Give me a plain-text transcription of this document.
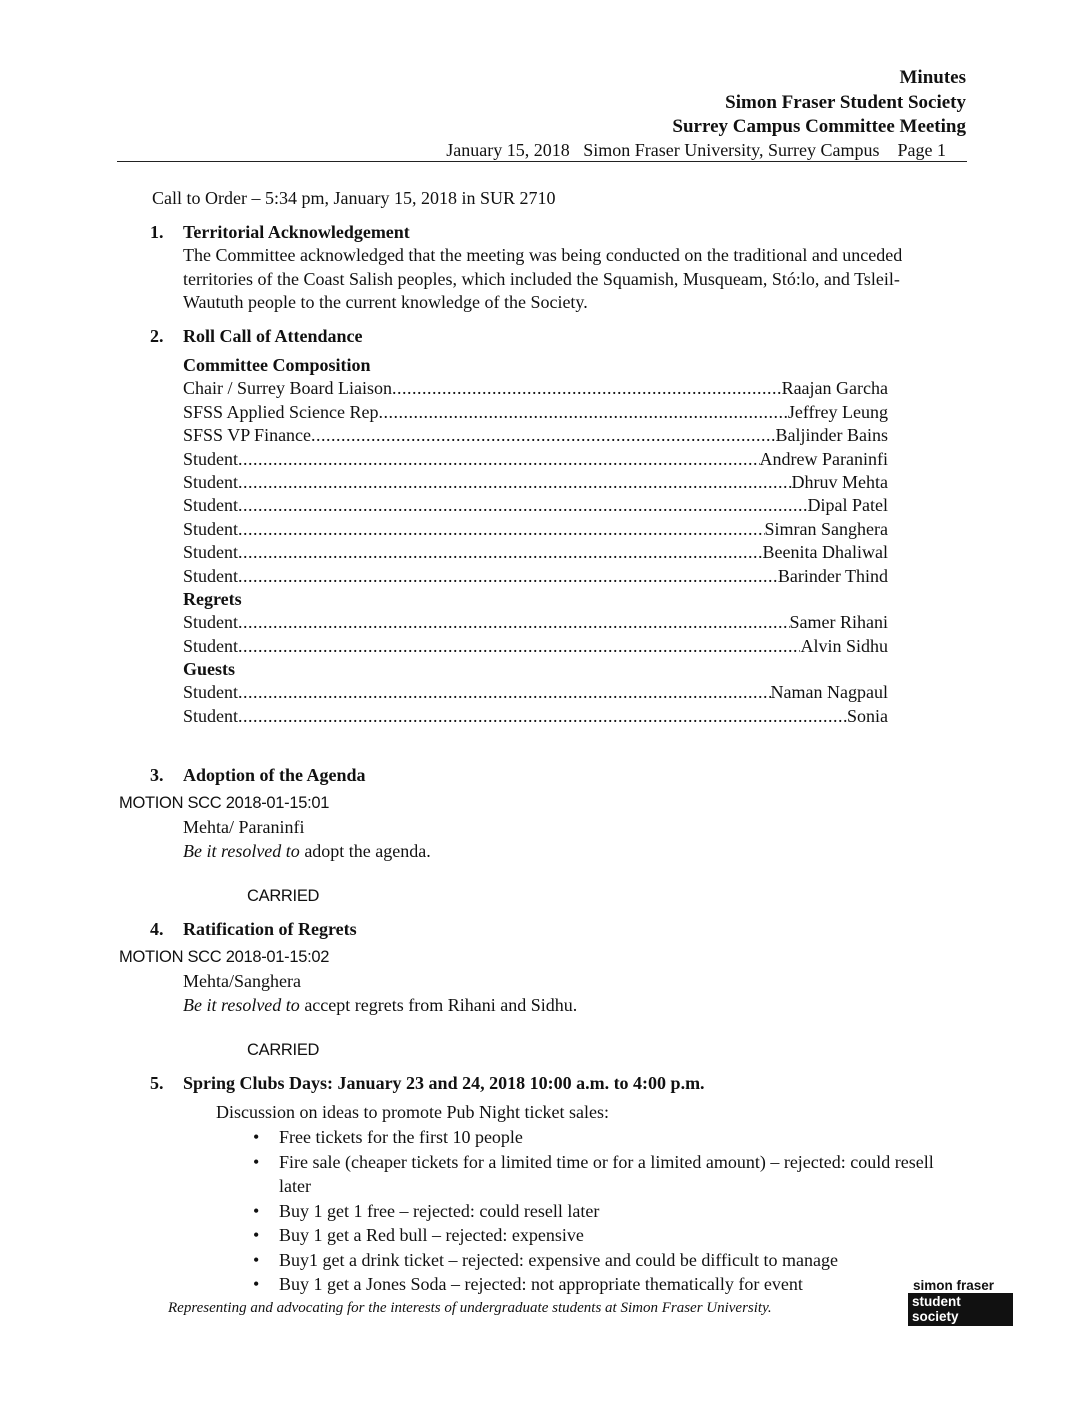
Minutes
Simon Fraser Student Society
Surrey Campus Committee Meeting
January 15, 2018   Simon Fraser University, Surrey Campus    Page 1
Call to Order – 5:34 pm, January 15, 2018 in SUR 2710
1. Territorial Acknowledgement
The Committee acknowledged that the meeting was being conducted on the traditional and unceded territories of the Coast Salish peoples, which included the Squamish, Musqueam, Stó:lo, and Tsleil-Waututh people to the current knowledge of the Society.
2. Roll Call of Attendance
Committee Composition
Chair / Surrey Board Liaison .....	Raajan Garcha
SFSS Applied Science Rep .....	Jeffrey Leung
SFSS VP Finance .....	Baljinder Bains
Student .....	Andrew Paraninfi
Student .....	Dhruv Mehta
Student .....	Dipal Patel
Student .....	Simran Sanghera
Student .....	Beenita Dhaliwal
Student .....	Barinder Thind
Regrets
Student .....	Samer Rihani
Student .....	Alvin Sidhu
Guests
Student .....	Naman Nagpaul
Student .....	Sonia
3. Adoption of the Agenda
MOTION SCC 2018-01-15:01
Mehta/ Paraninfi
Be it resolved to adopt the agenda.
CARRIED
4. Ratification of Regrets
MOTION SCC 2018-01-15:02
Mehta/Sanghera
Be it resolved to accept regrets from Rihani and Sidhu.
CARRIED
5. Spring Clubs Days: January 23 and 24, 2018 10:00 a.m. to 4:00 p.m.
Discussion on ideas to promote Pub Night ticket sales:
• Free tickets for the first 10 people
• Fire sale (cheaper tickets for a limited time or for a limited amount) – rejected: could resell later
• Buy 1 get 1 free – rejected: could resell later
• Buy 1 get a Red bull – rejected: expensive
• Buy1 get a drink ticket – rejected: expensive and could be difficult to manage
• Buy 1 get a Jones Soda – rejected: not appropriate thematically for event
Representing and advocating for the interests of undergraduate students at Simon Fraser University.
simon fraser
student society
